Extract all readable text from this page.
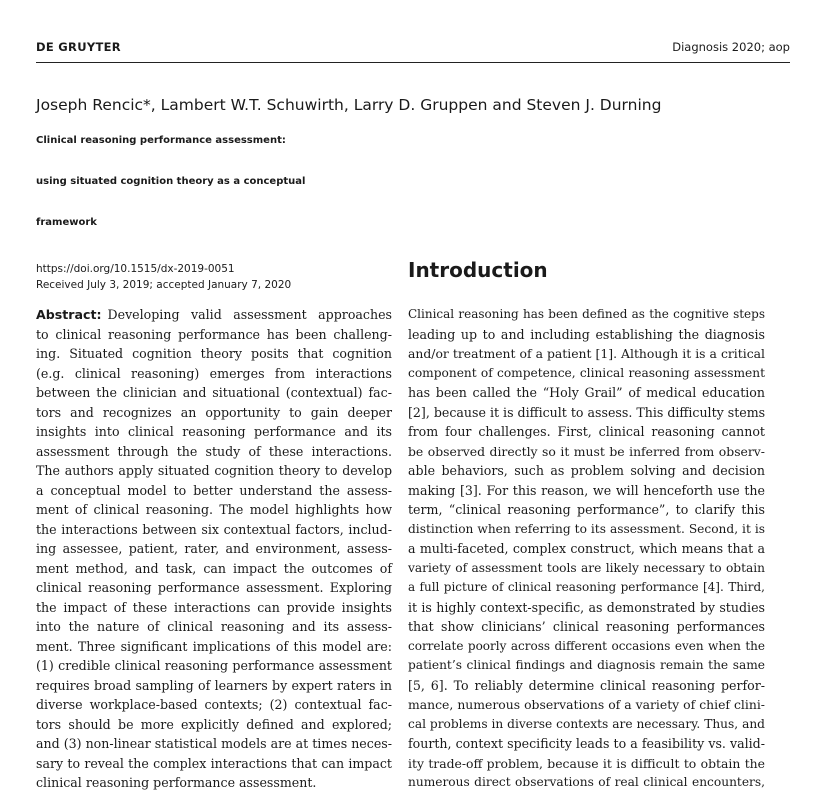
DE GRUYTER	Diagnosis 2020; aop
Joseph Rencic*, Lambert W.T. Schuwirth, Larry D. Gruppen and Steven J. Durning
Clinical reasoning performance assessment:
using situated cognition theory as a conceptual
framework
https://doi.org/10.1515/dx-2019-0051
Received July 3, 2019; accepted January 7, 2020
Introduction
Abstract: Developing valid assessment approaches
to clinical reasoning performance has been challeng-
ing. Situated cognition theory posits that cognition
(e.g. clinical reasoning) emerges from interactions
between the clinician and situational (contextual) fac-
tors and recognizes an opportunity to gain deeper
insights into clinical reasoning performance and its
assessment through the study of these interactions.
The authors apply situated cognition theory to develop
a conceptual model to better understand the assess-
ment of clinical reasoning. The model highlights how
the interactions between six contextual factors, includ-
ing assessee, patient, rater, and environment, assess-
ment method, and task, can impact the outcomes of
clinical reasoning performance assessment. Exploring
the impact of these interactions can provide insights
into the nature of clinical reasoning and its assess-
ment. Three significant implications of this model are:
(1) credible clinical reasoning performance assessment
requires broad sampling of learners by expert raters in
diverse workplace-based contexts; (2) contextual fac-
tors should be more explicitly defined and explored;
and (3) non-linear statistical models are at times neces-
sary to reveal the complex interactions that can impact
clinical reasoning performance assessment.
Clinical reasoning has been defined as the cognitive steps
leading up to and including establishing the diagnosis
and/or treatment of a patient [1]. Although it is a critical
component of competence, clinical reasoning assessment
has been called the “Holy Grail” of medical education
[2], because it is difficult to assess. This difficulty stems
from four challenges. First, clinical reasoning cannot
be observed directly so it must be inferred from observ-
able behaviors, such as problem solving and decision
making [3]. For this reason, we will henceforth use the
term, “clinical reasoning performance”, to clarify this
distinction when referring to its assessment. Second, it is
a multi-faceted, complex construct, which means that a
variety of assessment tools are likely necessary to obtain
a full picture of clinical reasoning performance [4]. Third,
it is highly context-specific, as demonstrated by studies
that show clinicians’ clinical reasoning performances
correlate poorly across different occasions even when the
patient’s clinical findings and diagnosis remain the same
[5, 6]. To reliably determine clinical reasoning perfor-
mance, numerous observations of a variety of chief clini-
cal problems in diverse contexts are necessary. Thus, and
fourth, context specificity leads to a feasibility vs. valid-
ity trade-off problem, because it is difficult to obtain the
numerous direct observations of real clinical encounters,
